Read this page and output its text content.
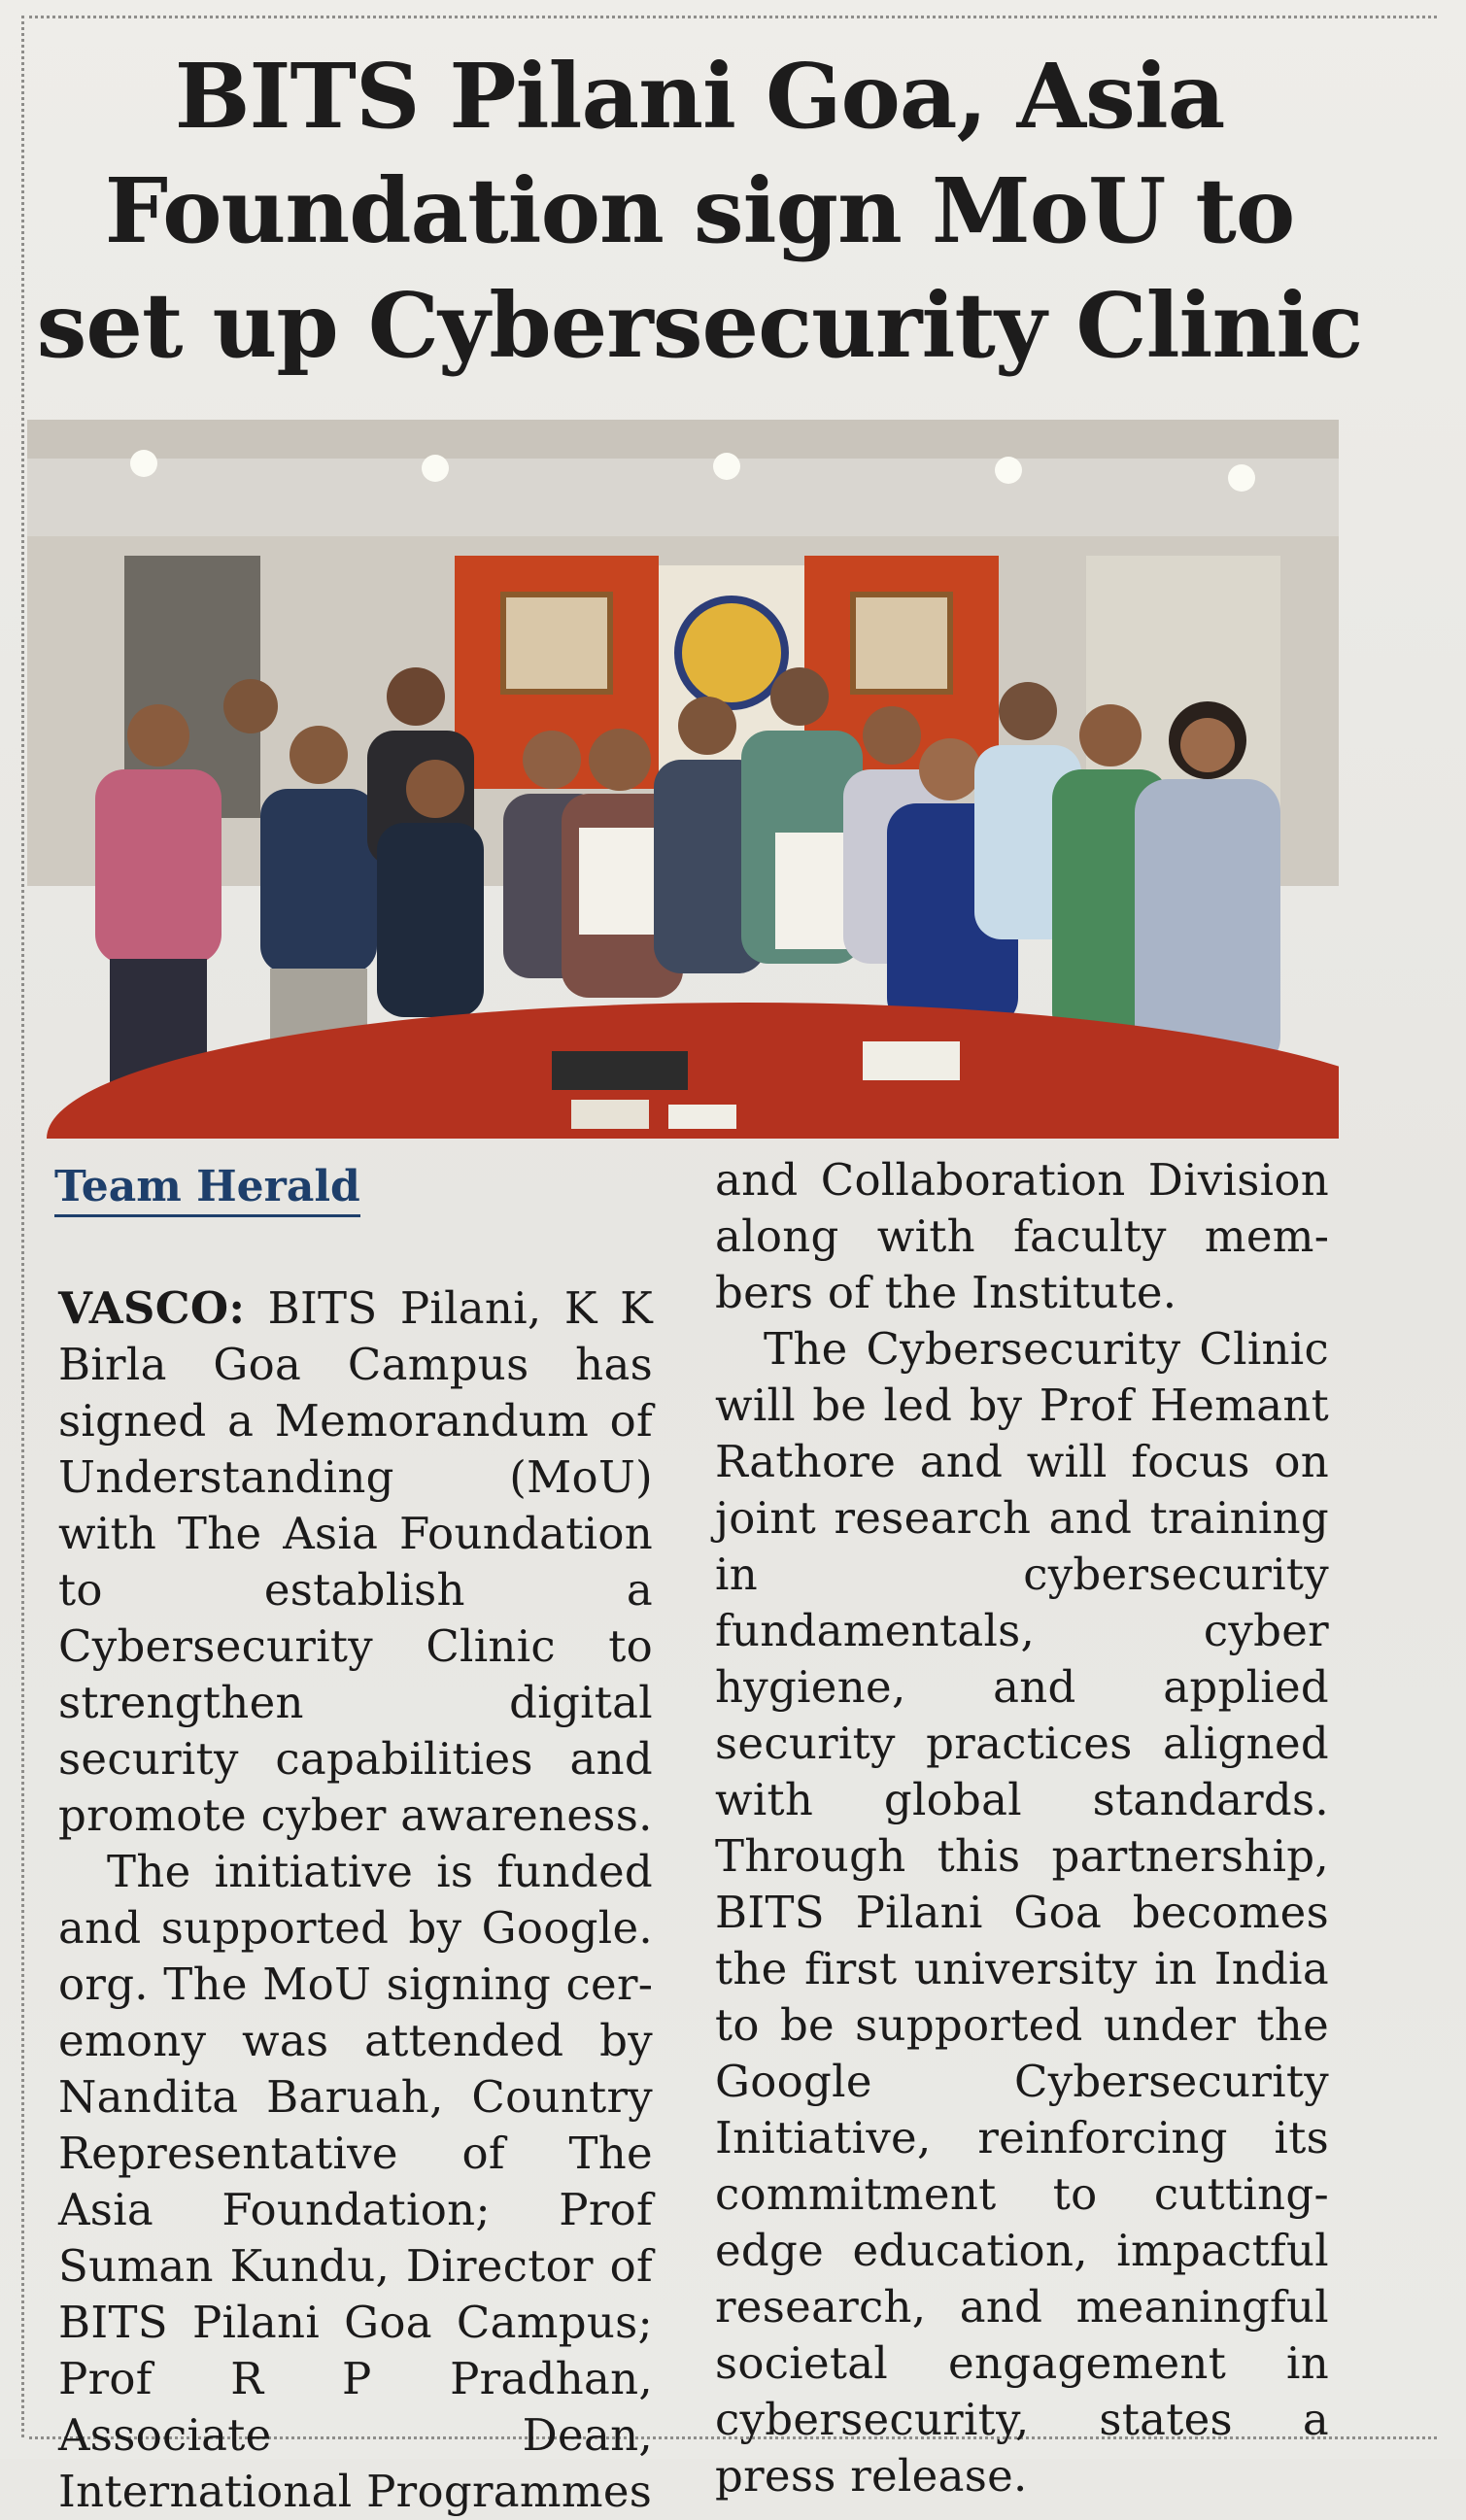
BITS Pilani Goa, Asia Foundation sign MoU to set up Cybersecurity Clinic
Team Herald

VASCO: BITS Pilani, K K Birla Goa Campus has signed a Memorandum of Understanding (MoU) with The Asia Foundation to establish a Cybersecurity Clinic to strengthen digital security capabilities and promote cyber awareness.

The initiative is funded and supported by Google. org. The MoU signing ceremony was attended by Nandita Baruah, Country Representative of The Asia Foundation; Prof Suman Kundu, Director of BITS Pilani Goa Campus; Prof R P Pradhan, Associate Dean, International Programmes

and Collaboration Division along with faculty members of the Institute.

The Cybersecurity Clinic will be led by Prof Hemant Rathore and will focus on joint research and training in cybersecurity fundamentals, cyber hygiene, and applied security practices aligned with global standards. Through this partnership, BITS Pilani Goa becomes the first university in India to be supported under the Google Cybersecurity Initiative, reinforcing its commitment to cutting-edge education, impactful research, and meaningful societal engagement in cybersecurity, states a press release.
